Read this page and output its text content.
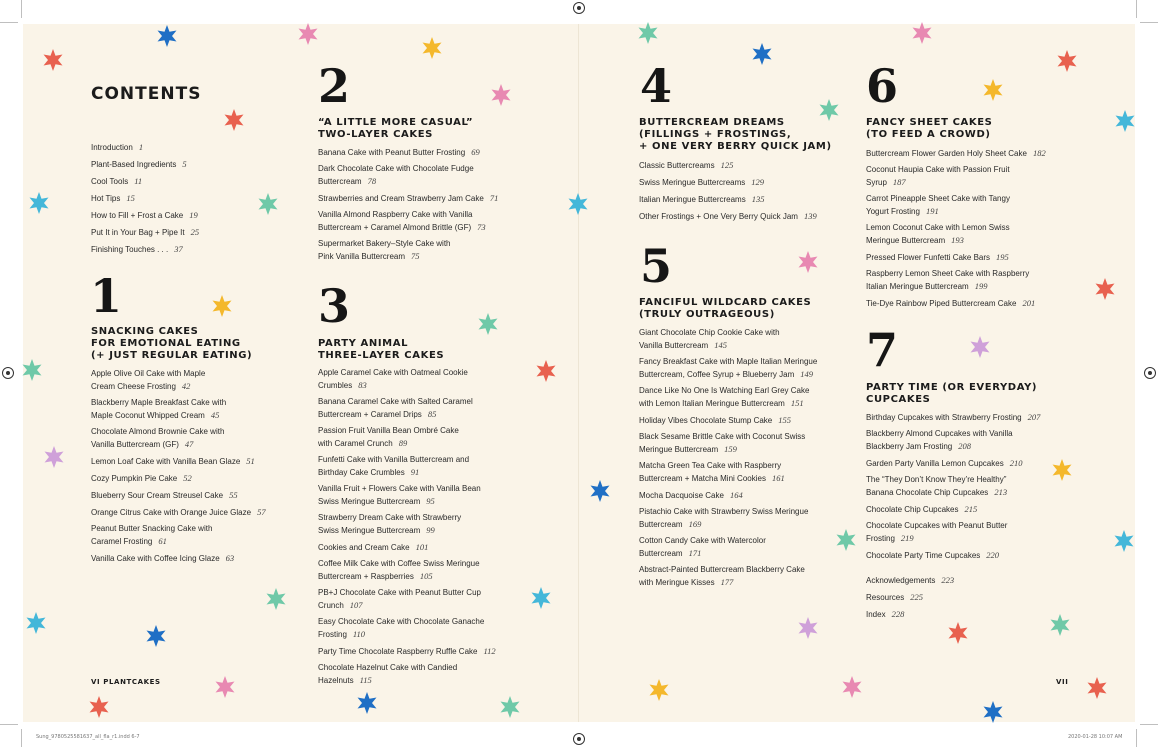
CONTENTS
Introduction 1
Plant-Based Ingredients 5
Cool Tools 11
Hot Tips 15
How to Fill + Frost a Cake 19
Put It in Your Bag + Pipe It 25
Finishing Touches . . . 37
1
SNACKING CAKES
FOR EMOTIONAL EATING
(+ JUST REGULAR EATING)
Apple Olive Oil Cake with Maple
Cream Cheese Frosting 42
Blackberry Maple Breakfast Cake with
Maple Coconut Whipped Cream 45
Chocolate Almond Brownie Cake with
Vanilla Buttercream (GF) 47
Lemon Loaf Cake with Vanilla Bean Glaze 51
Cozy Pumpkin Pie Cake 52
Blueberry Sour Cream Streusel Cake 55
Orange Citrus Cake with Orange Juice Glaze 57
Peanut Butter Snacking Cake with
Caramel Frosting 61
Vanilla Cake with Coffee Icing Glaze 63
2
“A LITTLE MORE CASUAL”
TWO-LAYER CAKES
Banana Cake with Peanut Butter Frosting 69
Dark Chocolate Cake with Chocolate Fudge
Buttercream 78
Strawberries and Cream Strawberry Jam Cake 71
Vanilla Almond Raspberry Cake with Vanilla
Buttercream + Caramel Almond Brittle (GF) 73
Supermarket Bakery–Style Cake with
Pink Vanilla Buttercream 75
3
PARTY ANIMAL
THREE-LAYER CAKES
Apple Caramel Cake with Oatmeal Cookie
Crumbles 83
Banana Caramel Cake with Salted Caramel
Buttercream + Caramel Drips 85
Passion Fruit Vanilla Bean Ombré Cake
with Caramel Crunch 89
Funfetti Cake with Vanilla Buttercream and
Birthday Cake Crumbles 91
Vanilla Fruit + Flowers Cake with Vanilla Bean
Swiss Meringue Buttercream 95
Strawberry Dream Cake with Strawberry
Swiss Meringue Buttercream 99
Cookies and Cream Cake 101
Coffee Milk Cake with Coffee Swiss Meringue
Buttercream + Raspberries 105
PB+J Chocolate Cake with Peanut Butter Cup
Crunch 107
Easy Chocolate Cake with Chocolate Ganache
Frosting 110
Party Time Chocolate Raspberry Ruffle Cake 112
Chocolate Hazelnut Cake with Candied
Hazelnuts 115
4
BUTTERCREAM DREAMS
(FILLINGS + FROSTINGS,
+ ONE VERY BERRY QUICK JAM)
Classic Buttercreams 125
Swiss Meringue Buttercreams 129
Italian Meringue Buttercreams 135
Other Frostings + One Very Berry Quick Jam 139
5
FANCIFUL WILDCARD CAKES
(TRULY OUTRAGEOUS)
Giant Chocolate Chip Cookie Cake with
Vanilla Buttercream 145
Fancy Breakfast Cake with Maple Italian Meringue
Buttercream, Coffee Syrup + Blueberry Jam 149
Dance Like No One Is Watching Earl Grey Cake
with Lemon Italian Meringue Buttercream 151
Holiday Vibes Chocolate Stump Cake 155
Black Sesame Brittle Cake with Coconut Swiss
Meringue Buttercream 159
Matcha Green Tea Cake with Raspberry
Buttercream + Matcha Mini Cookies 161
Mocha Dacquoise Cake 164
Pistachio Cake with Strawberry Swiss Meringue
Buttercream 169
Cotton Candy Cake with Watercolor
Buttercream 171
Abstract-Painted Buttercream Blackberry Cake
with Meringue Kisses 177
6
FANCY SHEET CAKES
(TO FEED A CROWD)
Buttercream Flower Garden Holy Sheet Cake 182
Coconut Haupia Cake with Passion Fruit
Syrup 187
Carrot Pineapple Sheet Cake with Tangy
Yogurt Frosting 191
Lemon Coconut Cake with Lemon Swiss
Meringue Buttercream 193
Pressed Flower Funfetti Cake Bars 195
Raspberry Lemon Sheet Cake with Raspberry
Italian Meringue Buttercream 199
Tie-Dye Rainbow Piped Buttercream Cake 201
7
PARTY TIME (OR EVERYDAY)
CUPCAKES
Birthday Cupcakes with Strawberry Frosting 207
Blackberry Almond Cupcakes with Vanilla
Blackberry Jam Frosting 208
Garden Party Vanilla Lemon Cupcakes 210
The “They Don’t Know They’re Healthy”
Banana Chocolate Chip Cupcakes 213
Chocolate Chip Cupcakes 215
Chocolate Cupcakes with Peanut Butter
Frosting 219
Chocolate Party Time Cupcakes 220
Acknowledgements 223
Resources 225
Index 228
VI PLANTCAKES	VII
Sung_9780525581637_all_fla_r1.indd 6-7	2020-01-28 10:07 AM
